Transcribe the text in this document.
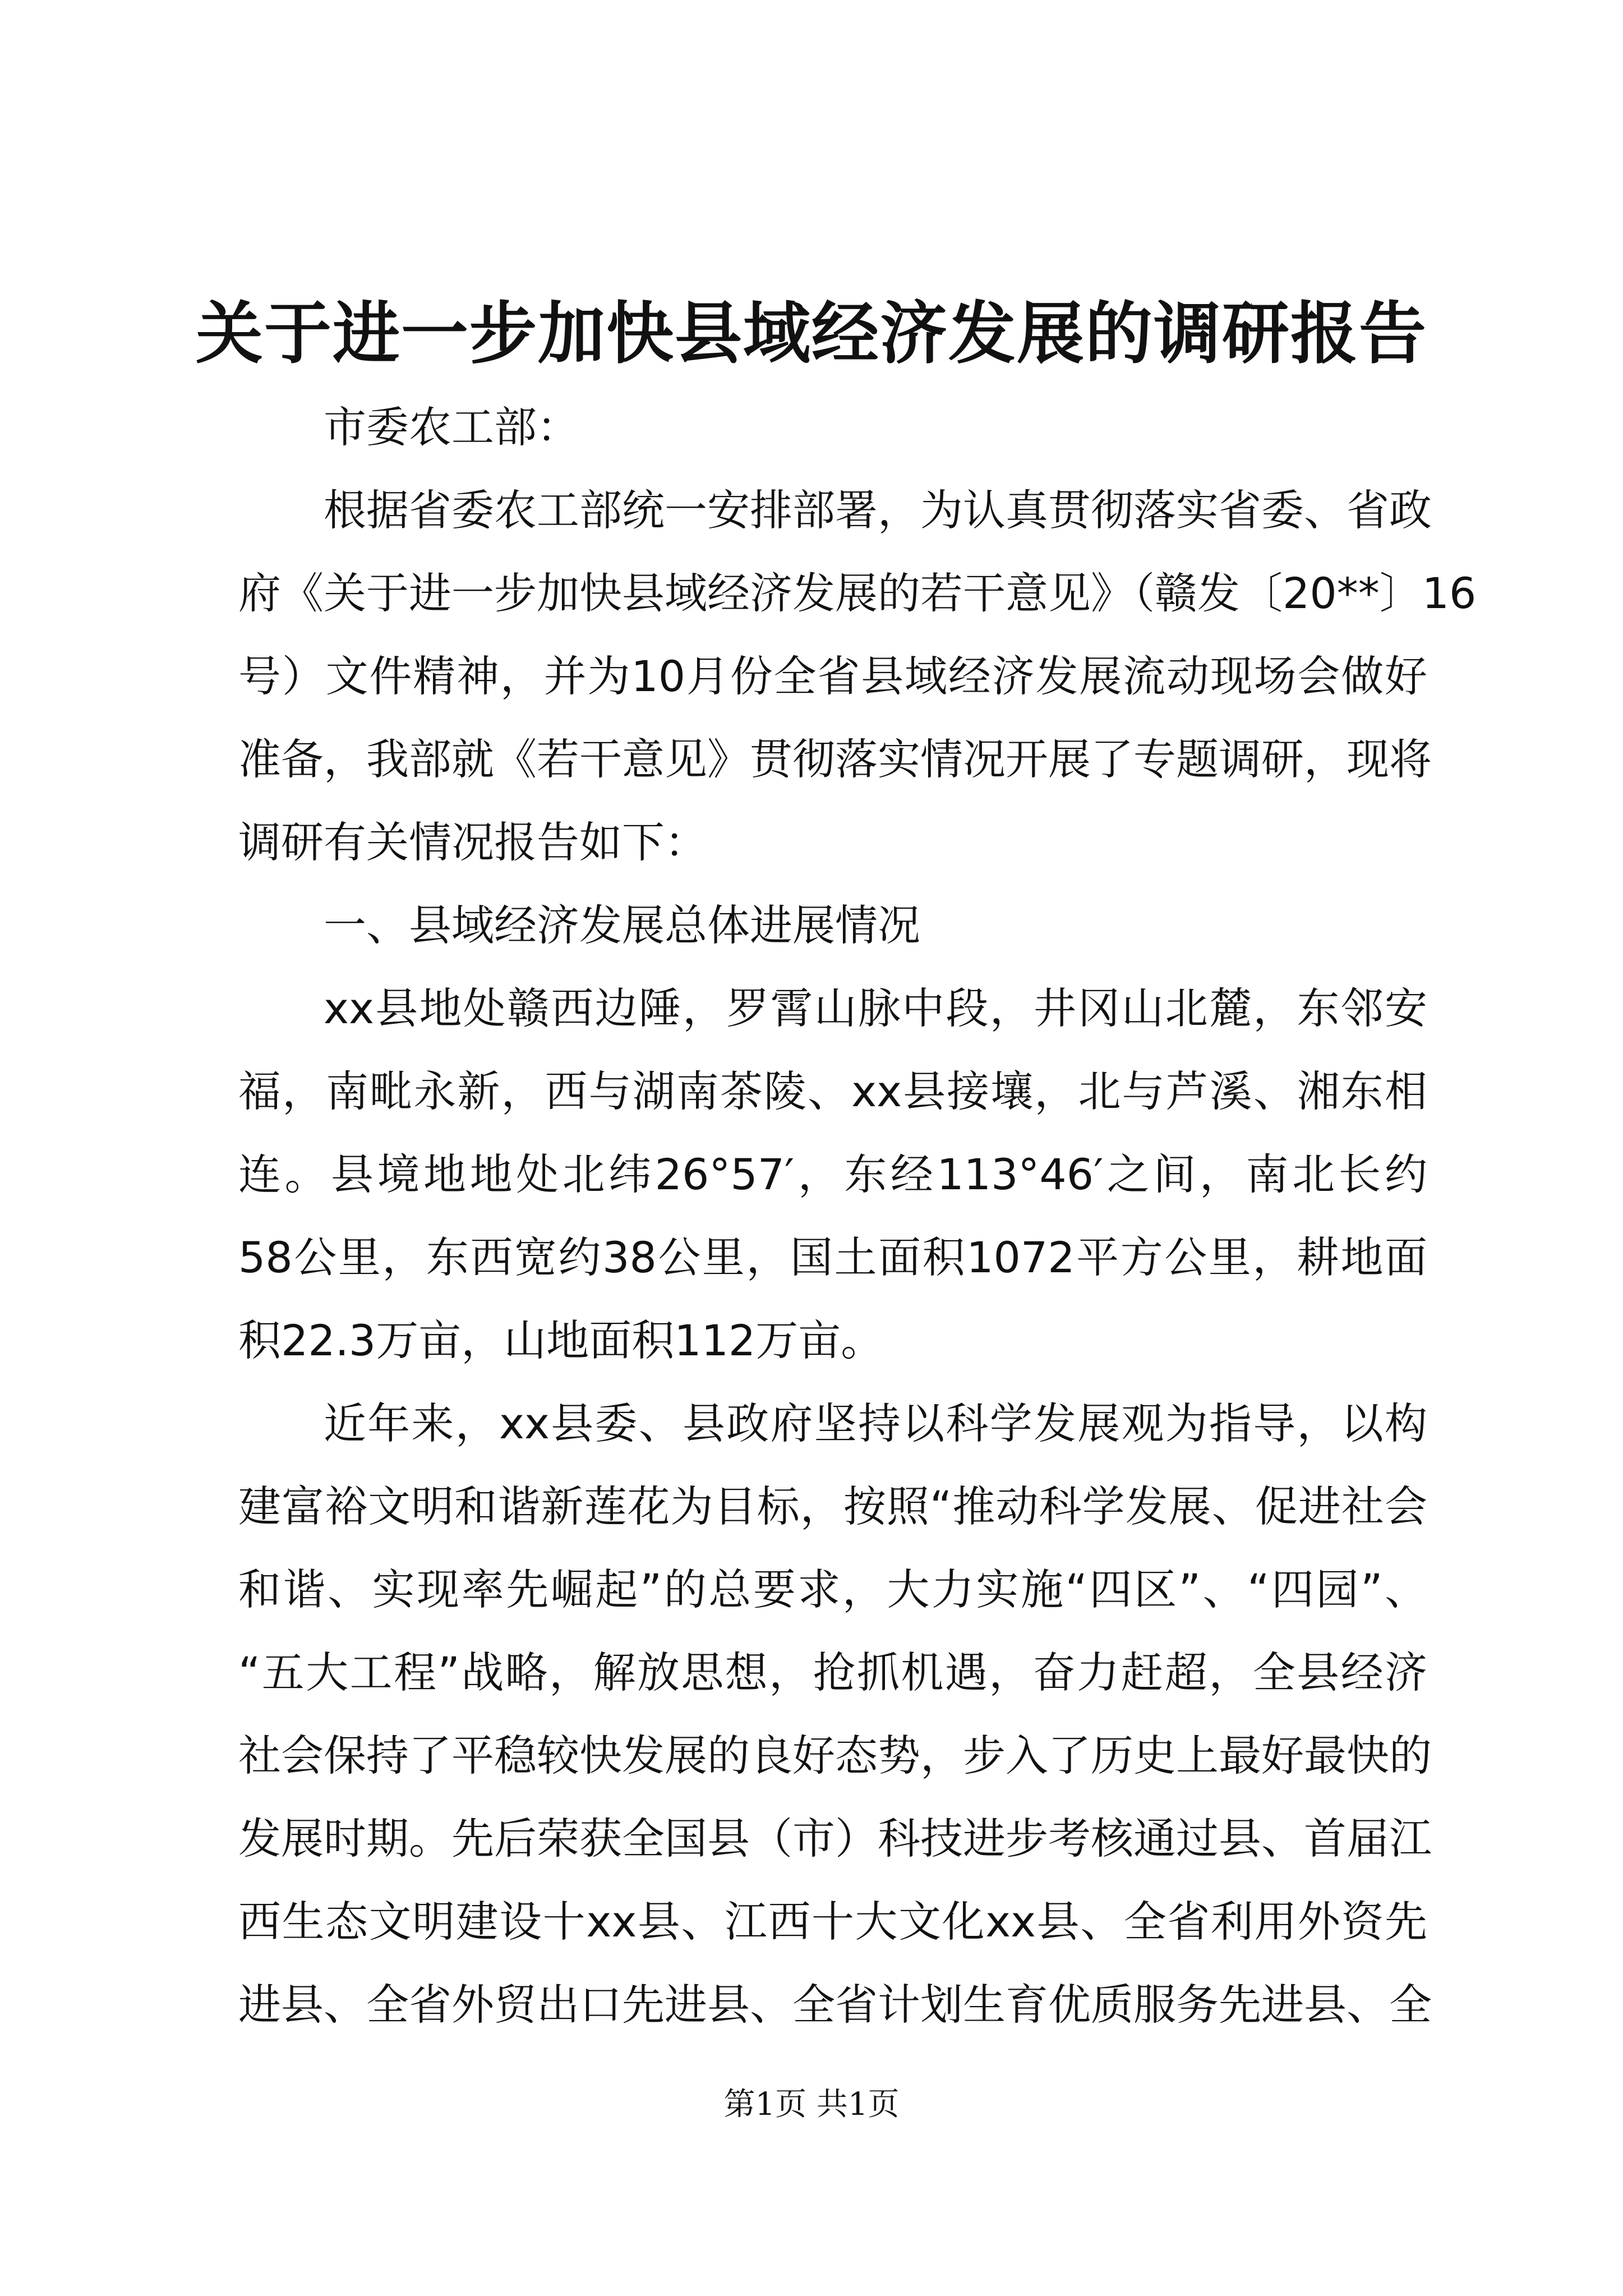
关于进一步加快县域经济发展的调研报告
市委农工部：
根据省委农工部统一安排部署，为认真贯彻落实省委、省政
府《关于进一步加快县域经济发展的若干意见》（赣发〔20**〕16
号）文件精神，并为10月份全省县域经济发展流动现场会做好
准备，我部就《若干意见》贯彻落实情况开展了专题调研，现将
调研有关情况报告如下：
一、县域经济发展总体进展情况
xx县地处赣西边陲，罗霄山脉中段，井冈山北麓，东邻安
福，南毗永新，西与湖南茶陵、xx县接壤，北与芦溪、湘东相
连。县境地地处北纬26°57′，东经113°46′之间，南北长约
58公里，东西宽约38公里，国土面积1072平方公里，耕地面
积22.3万亩，山地面积112万亩。
近年来，xx县委、县政府坚持以科学发展观为指导，以构
建富裕文明和谐新莲花为目标，按照“推动科学发展、促进社会
和谐、实现率先崛起”的总要求，大力实施“四区”、“四园”、
“五大工程”战略，解放思想，抢抓机遇，奋力赶超，全县经济
社会保持了平稳较快发展的良好态势，步入了历史上最好最快的
发展时期。先后荣获全国县（市）科技进步考核通过县、首届江
西生态文明建设十xx县、江西十大文化xx县、全省利用外资先
进县、全省外贸出口先进县、全省计划生育优质服务先进县、全
第1页 共1页
